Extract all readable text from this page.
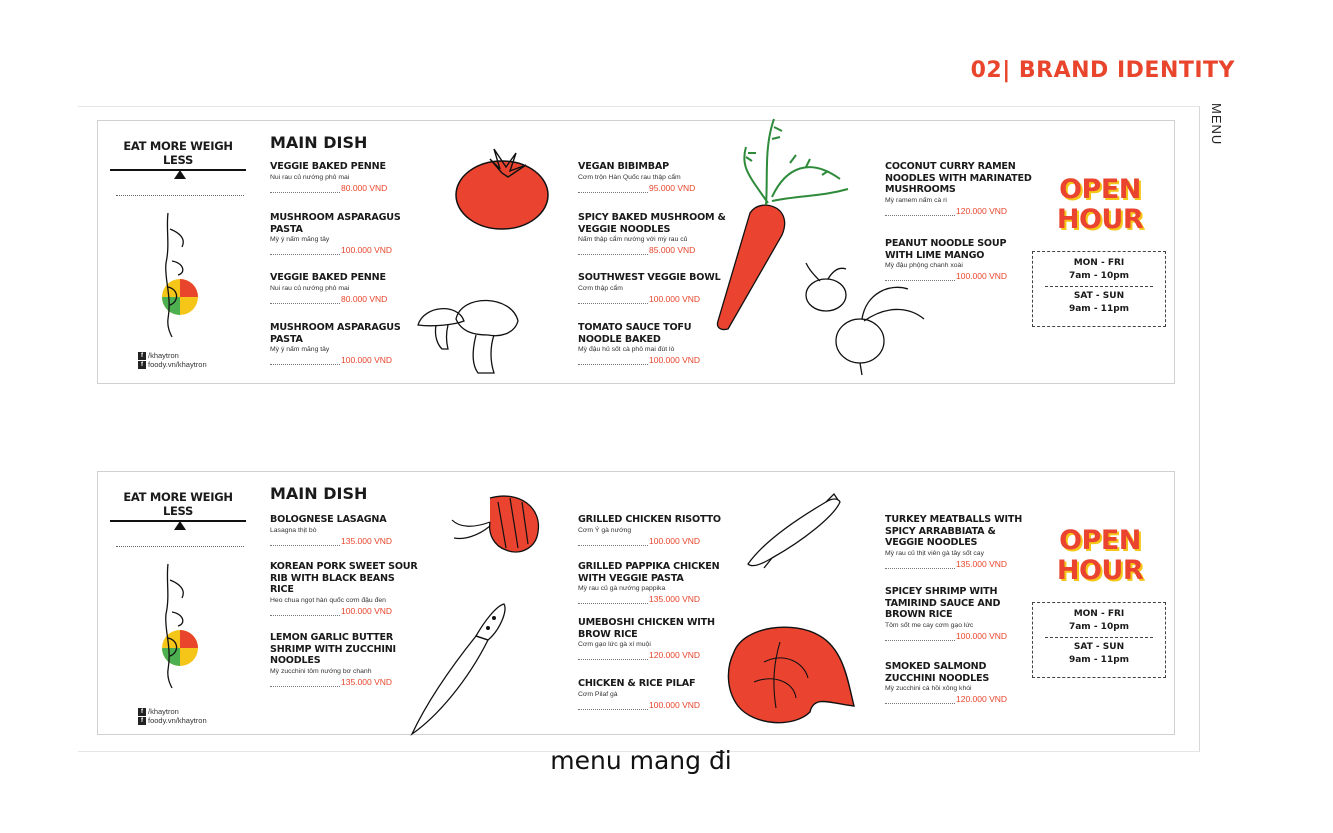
02| BRAND IDENTITY
MENU
EAT MORE WEIGH LESS
f /khaytron
f foody.vn/khaytron
MAIN DISH
VEGGIE BAKED PENNE
Nui rau củ nướng phô mai
80.000 VND
MUSHROOM ASPARAGUS PASTA
Mỳ ý nấm măng tây
100.000 VND
VEGGIE BAKED PENNE
Nui rau củ nướng phô mai
80.000 VND
MUSHROOM ASPARAGUS PASTA
Mỳ ý nấm măng tây
100.000 VND
VEGAN BIBIMBAP
Cơm trộn Hàn Quốc rau thập cẩm
95.000 VND
SPICY BAKED MUSHROOM & VEGGIE NOODLES
Nấm thập cẩm nướng với mỳ rau củ
85.000 VND
SOUTHWEST VEGGIE BOWL
Cơm thập cẩm
100.000 VND
TOMATO SAUCE TOFU NOODLE BAKED
Mỳ đậu hủ sốt cà phô mai đút lò
100.000 VND
COCONUT CURRY RAMEN NOODLES WITH MARINATED MUSHROOMS
Mỳ ramem nấm cà ri
120.000 VND
PEANUT NOODLE SOUP WITH LIME MANGO
Mỳ đậu phộng chanh xoài
100.000 VND
OPEN
HOUR
MON - FRI
7am - 10pm
SAT - SUN
9am - 11pm
EAT MORE WEIGH LESS
f /khaytron
f foody.vn/khaytron
MAIN DISH
BOLOGNESE LASAGNA
Lasagna thịt bò
135.000 VND
KOREAN PORK SWEET SOUR RIB WITH BLACK BEANS RICE
Heo chua ngọt hàn quốc cơm đậu đen
100.000 VND
LEMON GARLIC BUTTER SHRIMP WITH ZUCCHINI NOODLES
Mỳ zucchini tôm nướng bơ chanh
135.000 VND
GRILLED CHICKEN RISOTTO
Cơm Ý gà nướng
100.000 VND
GRILLED PAPPIKA CHICKEN WITH VEGGIE PASTA
Mỳ rau củ gà nướng pappika
135.000 VND
UMEBOSHI CHICKEN WITH BROW RICE
Cơm gạo lức gà xí muội
120.000 VND
CHICKEN & RICE PILAF
Cơm Pilaf gà
100.000 VND
TURKEY MEATBALLS WITH SPICY ARRABBIATA & VEGGIE NOODLES
Mỳ rau củ thịt viên gà tây sốt cay
135.000 VND
SPICEY SHRIMP WITH TAMIRIND SAUCE AND BROWN RICE
Tôm sốt me cay cơm gạo lức
100.000 VND
SMOKED SALMOND ZUCCHINI NOODLES
Mỳ zucchini cá hồi xông khói
120.000 VND
OPEN
HOUR
MON - FRI
7am - 10pm
SAT - SUN
9am - 11pm
menu mang đi
